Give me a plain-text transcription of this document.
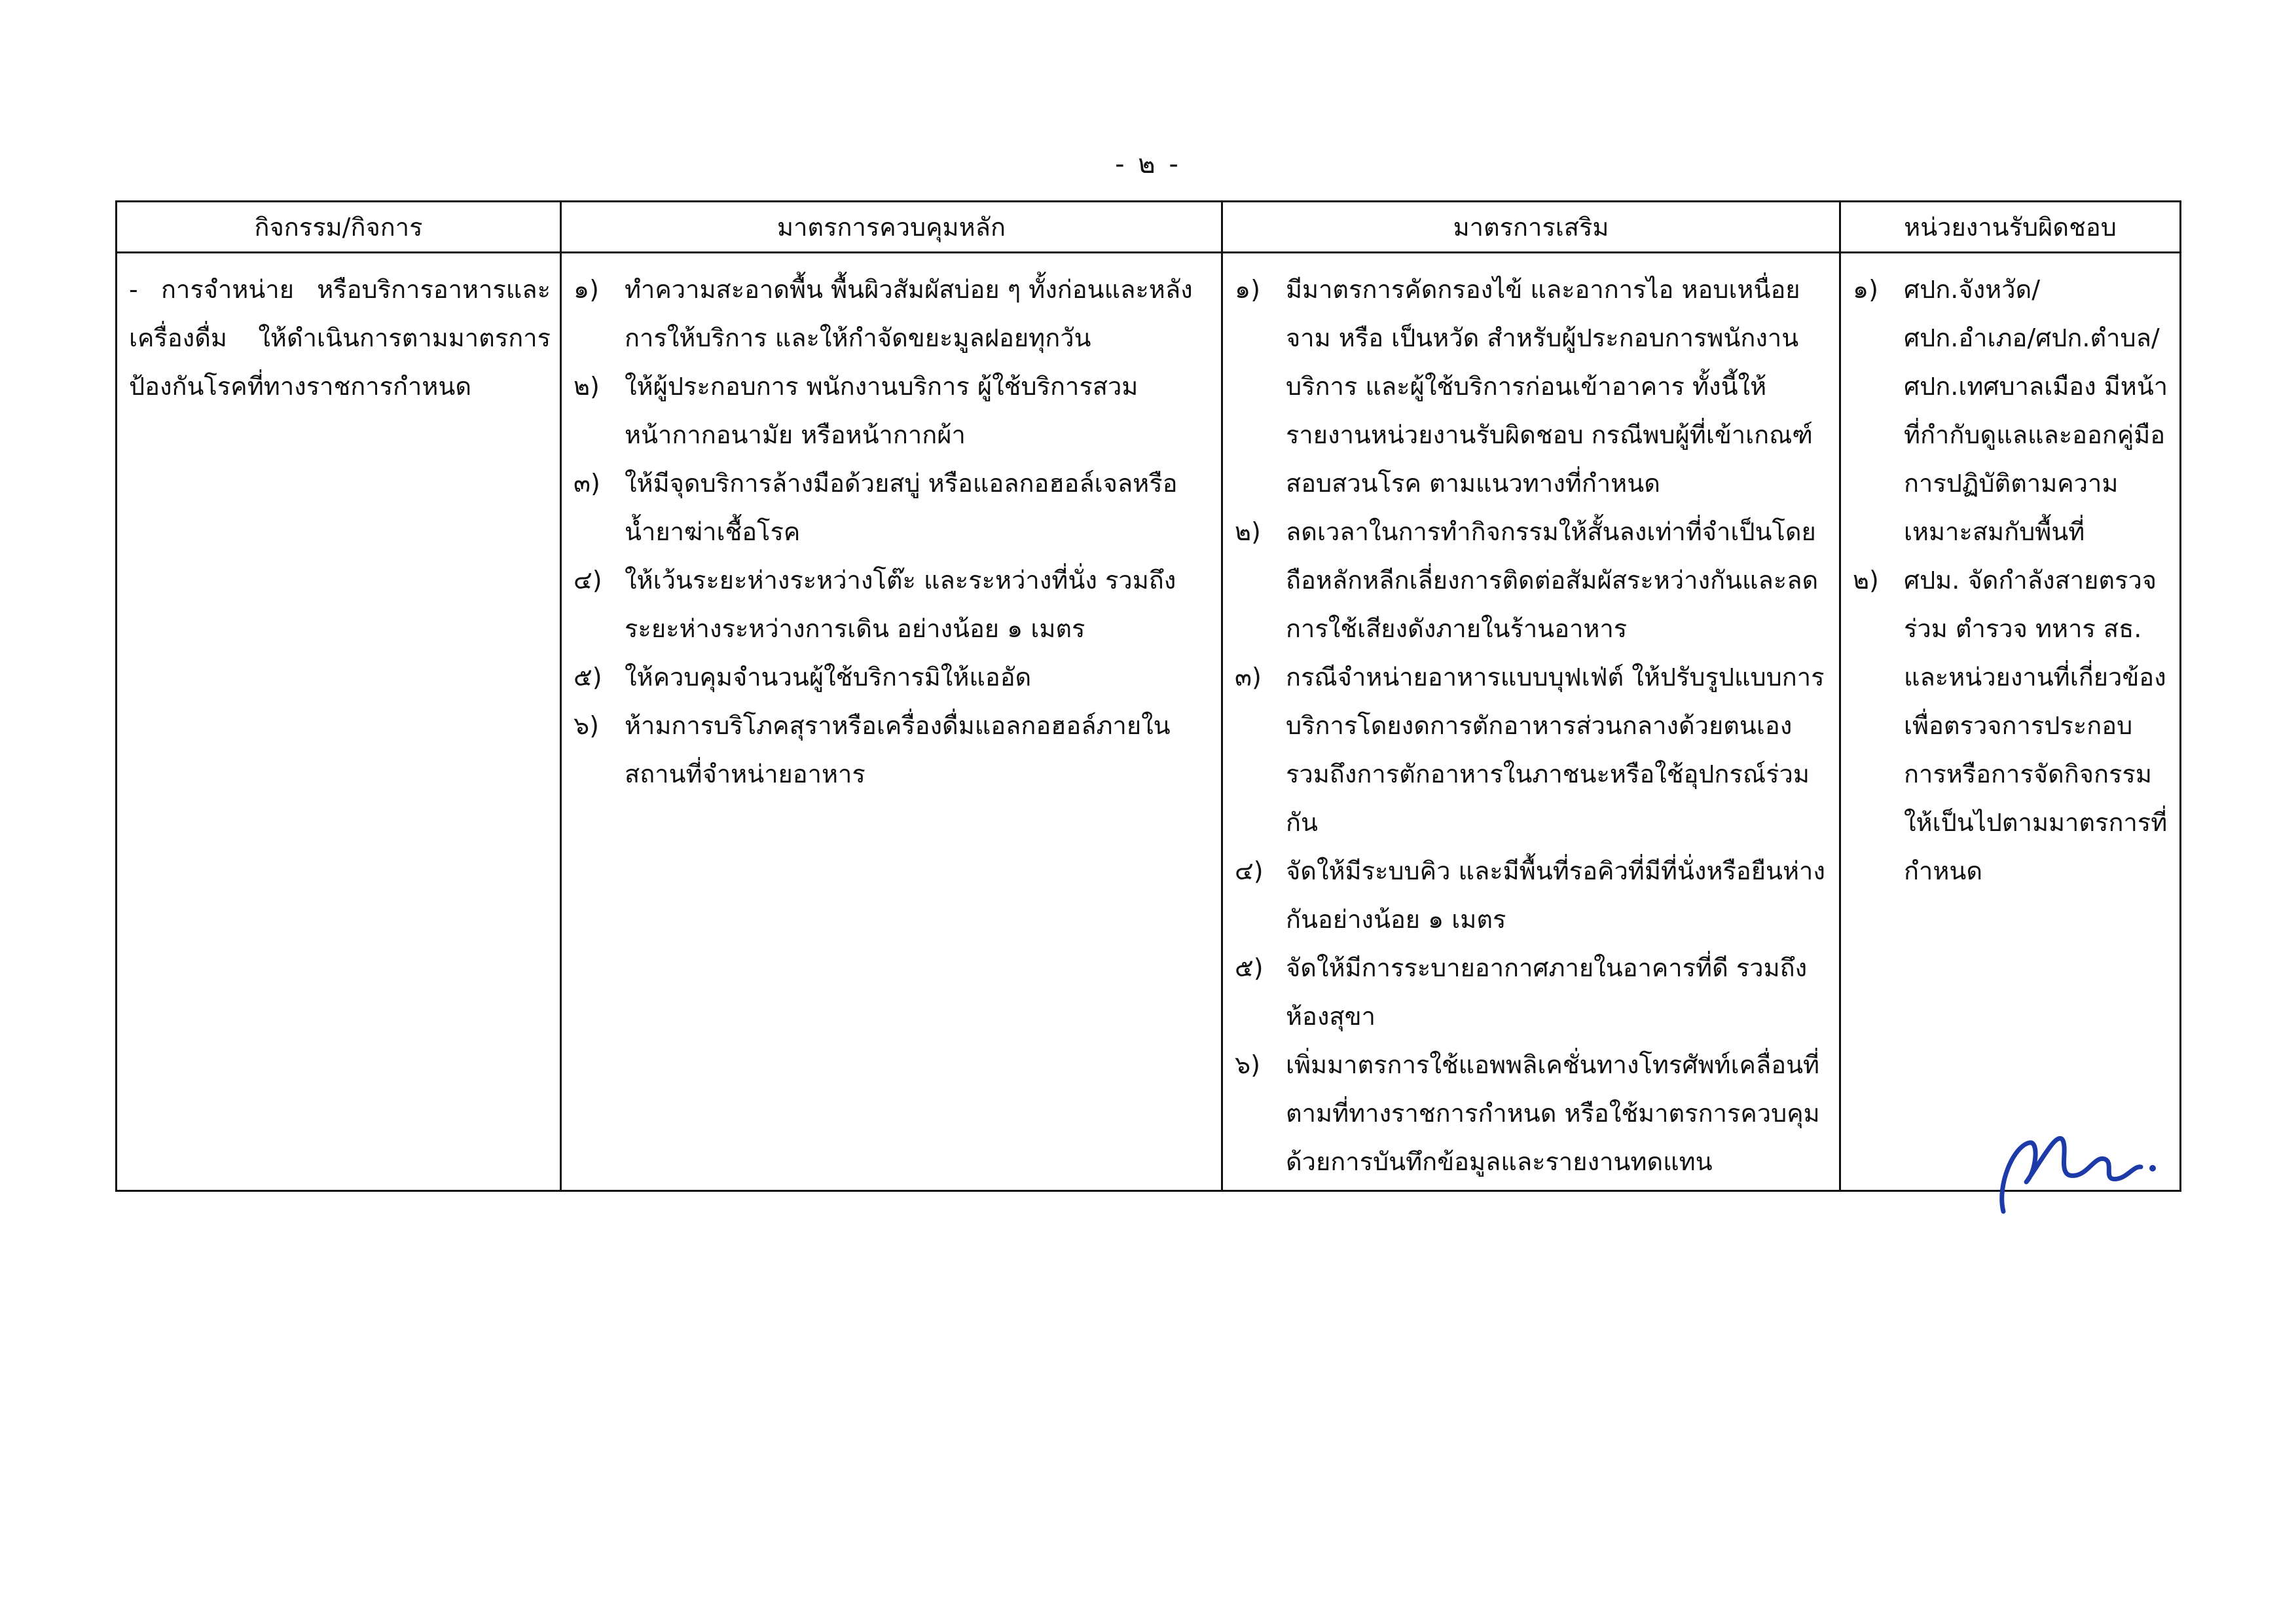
- ๒ -
กิจกรรม/กิจการ
- การจำหน่าย หรือบริการอาหารและเครื่องดื่ม ให้ดำเนินการตามมาตรการป้องกันโรคที่ทางราชการกำหนด
มาตรการควบคุมหลัก
๑) ทำความสะอาดพื้น พื้นผิวสัมผัสบ่อย ๆ ทั้งก่อนและหลังการให้บริการ และให้กำจัดขยะมูลฝอยทุกวัน
๒) ให้ผู้ประกอบการ พนักงานบริการ ผู้ใช้บริการสวมหน้ากากอนามัย หรือหน้ากากผ้า
๓) ให้มีจุดบริการล้างมือด้วยสบู่ หรือแอลกอฮอล์เจลหรือน้ำยาฆ่าเชื้อโรค
๔) ให้เว้นระยะห่างระหว่างโต๊ะ และระหว่างที่นั่ง รวมถึงระยะห่างระหว่างการเดิน อย่างน้อย ๑ เมตร
๕) ให้ควบคุมจำนวนผู้ใช้บริการมิให้แออัด
๖) ห้ามการบริโภคสุราหรือเครื่องดื่มแอลกอฮอล์ภายในสถานที่จำหน่ายอาหาร
มาตรการเสริม
๑) มีมาตรการคัดกรองไข้ และอาการไอ หอบเหนื่อย จาม หรือ เป็นหวัด สำหรับผู้ประกอบการพนักงานบริการ และผู้ใช้บริการก่อนเข้าอาคาร ทั้งนี้ให้รายงานหน่วยงานรับผิดชอบ กรณีพบผู้ที่เข้าเกณฑ์สอบสวนโรค ตามแนวทางที่กำหนด
๒) ลดเวลาในการทำกิจกรรมให้สั้นลงเท่าที่จำเป็นโดยถือหลักหลีกเลี่ยงการติดต่อสัมผัสระหว่างกันและลดการใช้เสียงดังภายในร้านอาหาร
๓) กรณีจำหน่ายอาหารแบบบุฟเฟ่ต์ ให้ปรับรูปแบบการบริการโดยงดการตักอาหารส่วนกลางด้วยตนเอง รวมถึงการตักอาหารในภาชนะหรือใช้อุปกรณ์ร่วมกัน
๔) จัดให้มีระบบคิว และมีพื้นที่รอคิวที่มีที่นั่งหรือยืนห่างกันอย่างน้อย ๑ เมตร
๕) จัดให้มีการระบายอากาศภายในอาคารที่ดี รวมถึงห้องสุขา
๖) เพิ่มมาตรการใช้แอพพลิเคชั่นทางโทรศัพท์เคลื่อนที่ตามที่ทางราชการกำหนด หรือใช้มาตรการควบคุมด้วยการบันทึกข้อมูลและรายงานทดแทน
หน่วยงานรับผิดชอบ
๑) ศปก.จังหวัด/ศปก.อำเภอ/ศปก.ตำบล/ศปก.เทศบาลเมือง มีหน้าที่กำกับดูแลและออกคู่มือการปฏิบัติตามความเหมาะสมกับพื้นที่
๒) ศปม. จัดกำลังสายตรวจร่วม ตำรวจ ทหาร สธ. และหน่วยงานที่เกี่ยวข้องเพื่อตรวจการประกอบการหรือการจัดกิจกรรมให้เป็นไปตามมาตรการที่กำหนด
